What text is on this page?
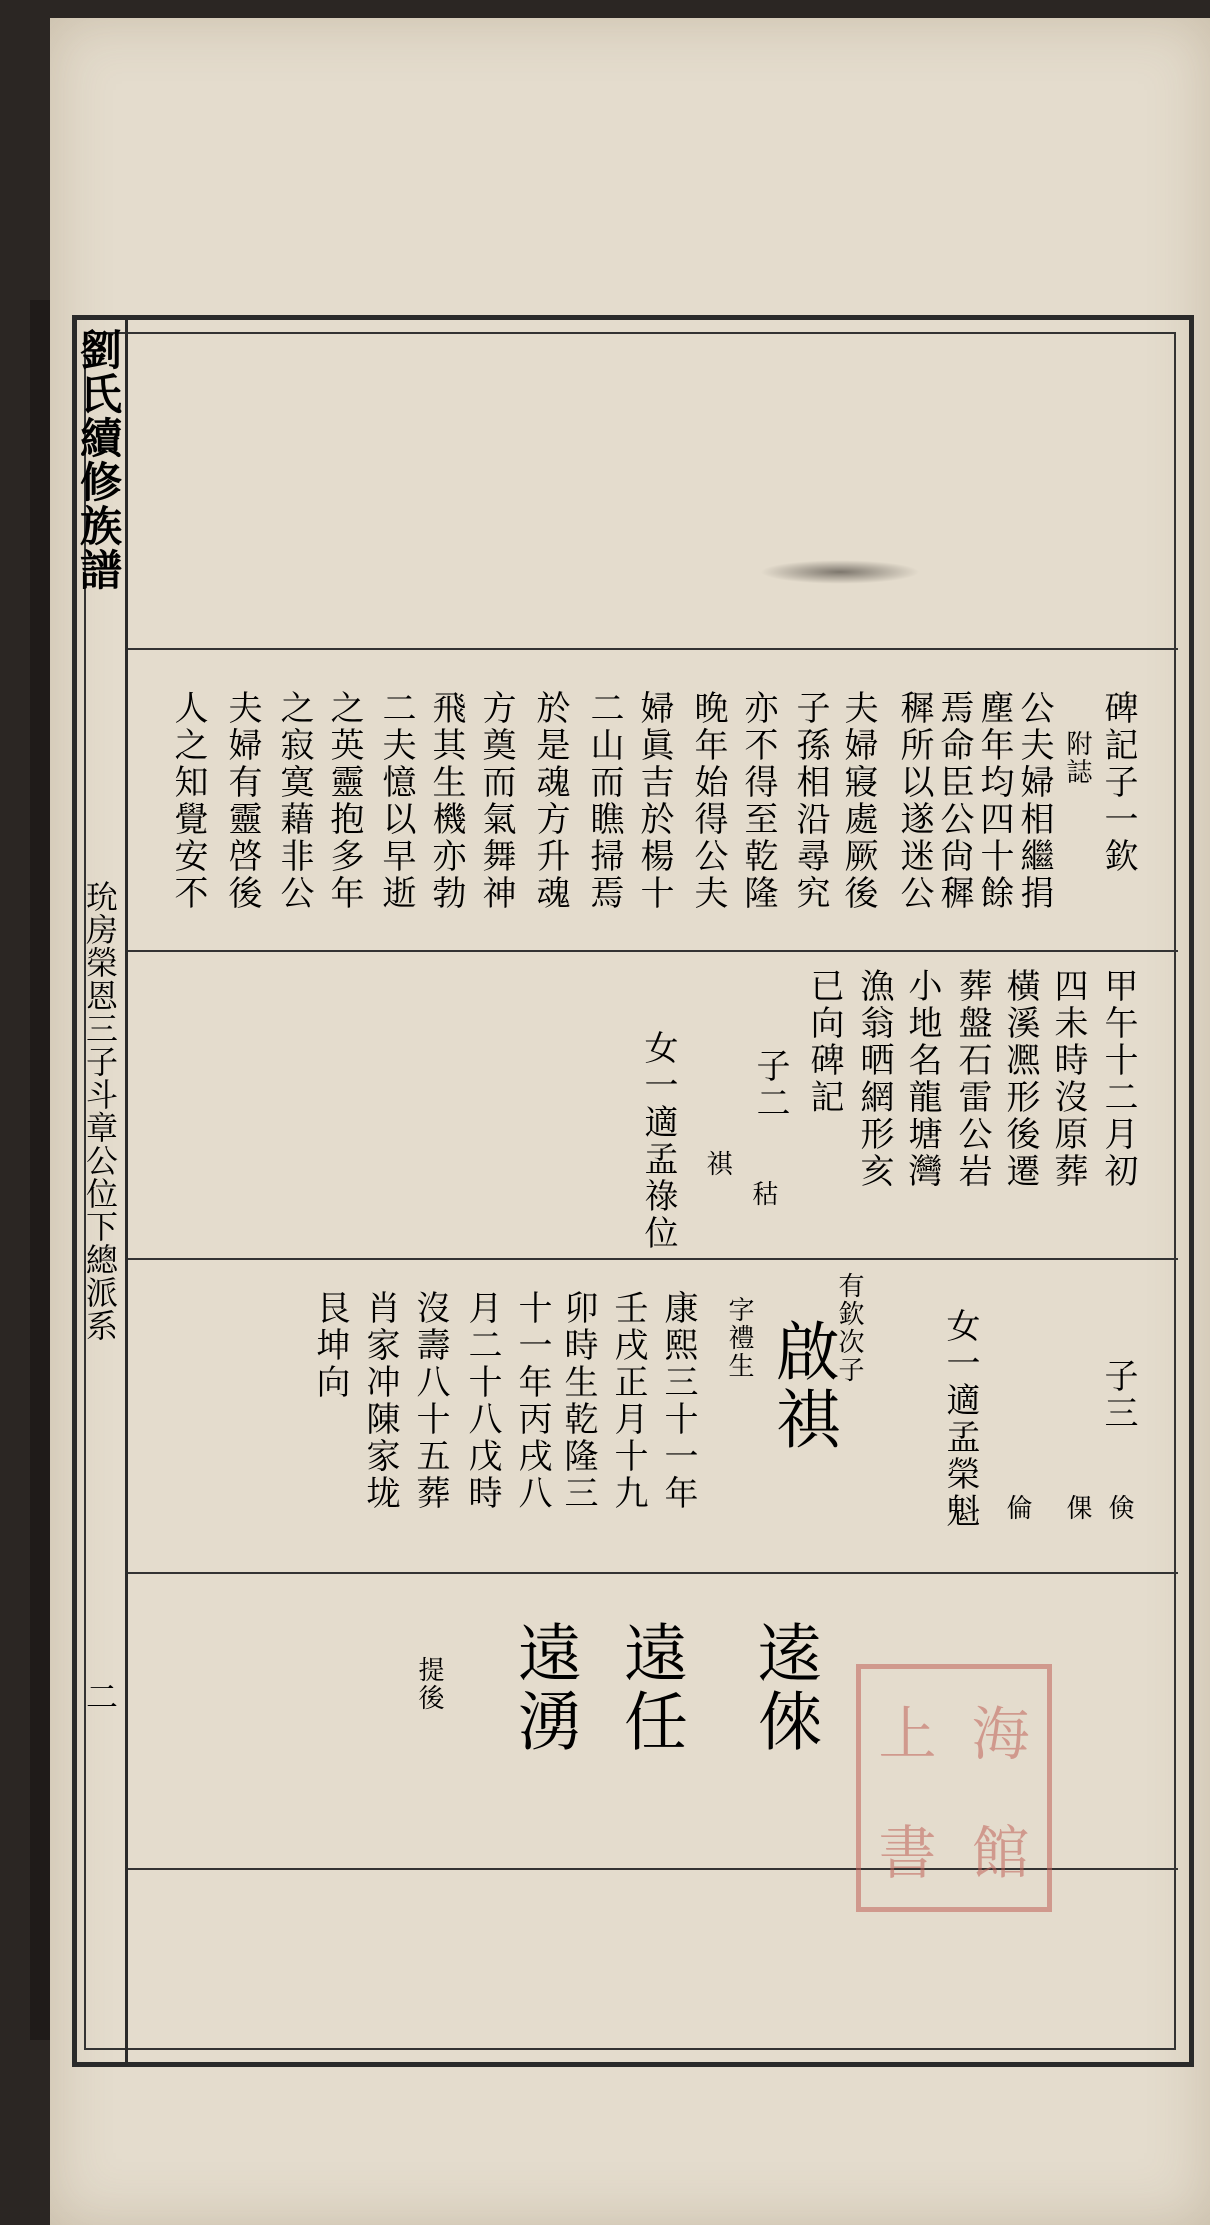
劉氏續修族譜
玧房榮恩三子斗章公位下總派系
二
碑記子一欽
附誌
公夫婦相繼捐
塵年均四十餘
焉命臣公尙穉
穉所以遂迷公
夫婦寢處厥後
子孫相沿尋究
亦不得至乾隆
晚年始得公夫
婦眞吉於楊十
二山而瞧掃焉
於是魂方升魂
方奠而氣舞神
飛其生機亦勃
二夫憶以早逝
之英靈抱多年
之寂寞藉非公
夫婦有靈啓後
人之知覺安不
甲午十二月初
四未時沒原葬
橫溪凞形後遷
葬盤石雷公岩
小地名龍塘灣
漁翁晒網形亥
已向碑記
子二
秙
祺
女一適孟祿位
子三
倹
倮
倫
女一適孟榮魁
有欽次子
啟祺
字禮生
康熙三十一年
壬戌正月十九
卯時生乾隆三
十一年丙戌八
月二十八戊時
沒壽八十五葬
肖家冲陳家垅
艮坤向
逺倈
遠任
遠湧
提後
上 海
書 館
